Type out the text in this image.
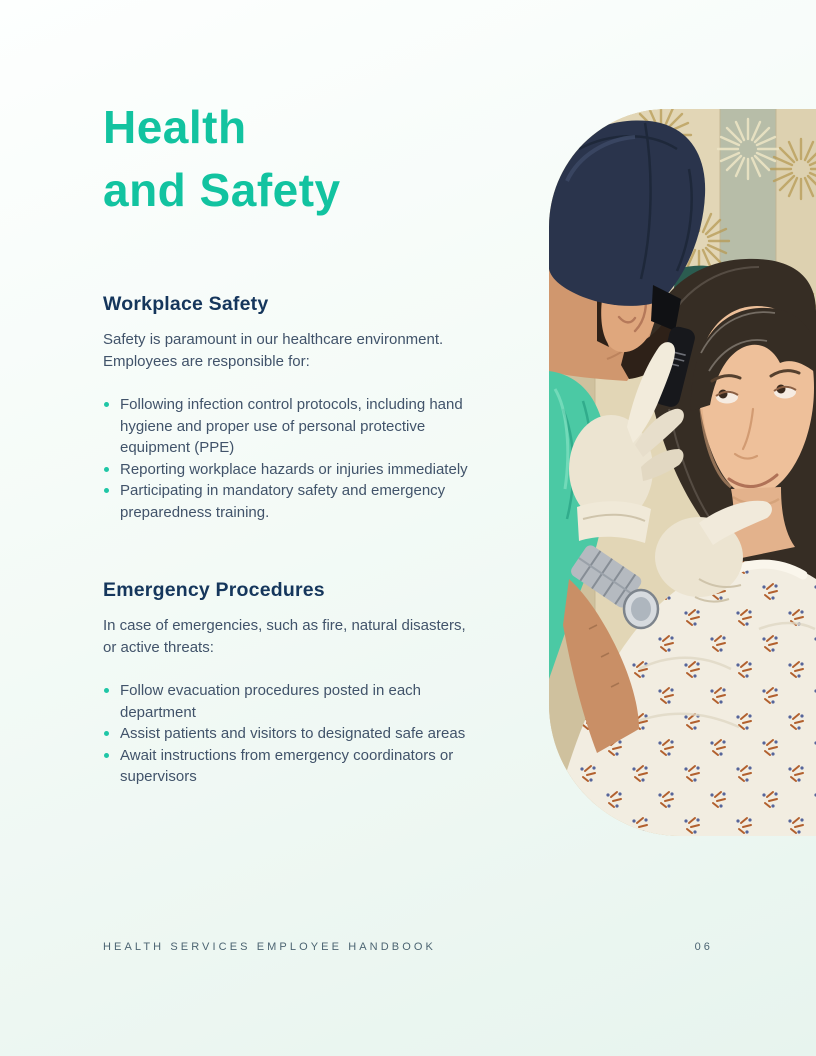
Health
and Safety
Workplace Safety

Safety is paramount in our healthcare environment. Employees are responsible for:

Following infection control protocols, including hand hygiene and proper use of personal protective equipment (PPE)
Reporting workplace hazards or injuries immediately
Participating in mandatory safety and emergency preparedness training.
Emergency Procedures

In case of emergencies, such as fire, natural disasters, or active threats:

Follow evacuation procedures posted in each department
Assist patients and visitors to designated safe areas
Await instructions from emergency coordinators or supervisors
HEALTH SERVICES EMPLOYEE HANDBOOK	06
